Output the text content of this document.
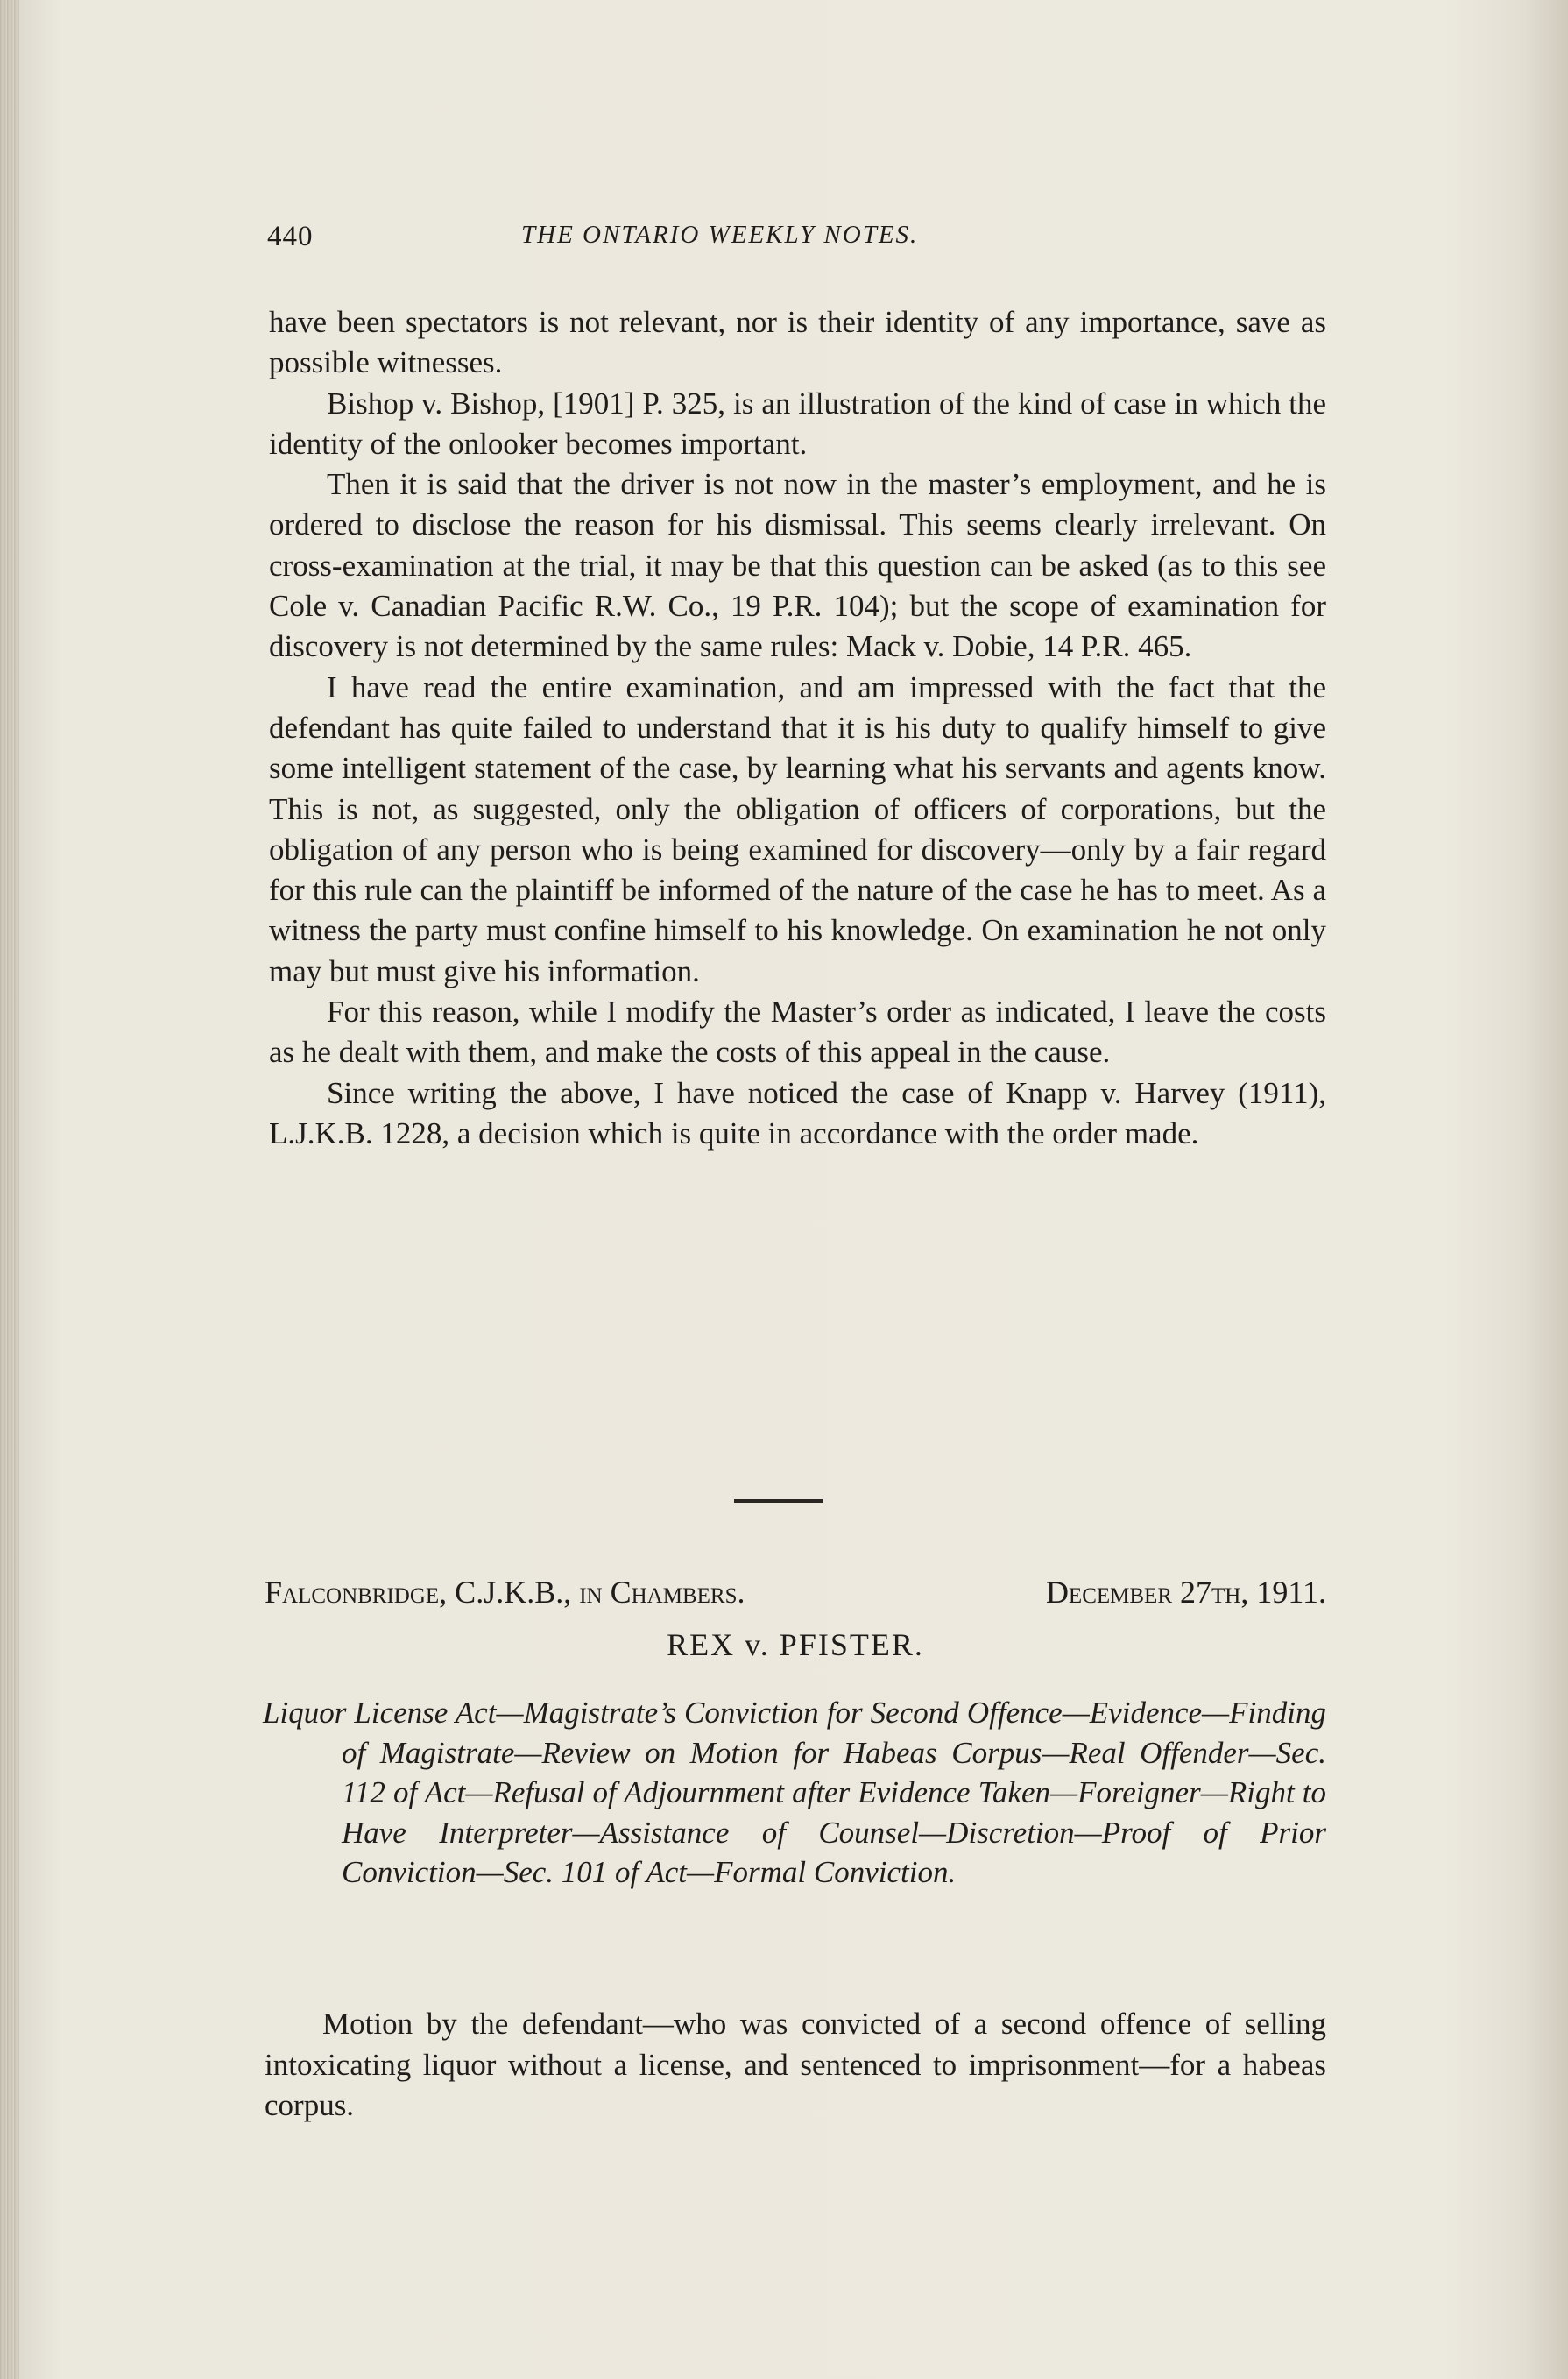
440	THE ONTARIO WEEKLY NOTES.

have been spectators is not relevant, nor is their identity of any importance, save as possible witnesses.

Bishop v. Bishop, [1901] P. 325, is an illustration of the kind of case in which the identity of the onlooker becomes important.

Then it is said that the driver is not now in the master’s employment, and he is ordered to disclose the reason for his dismissal. This seems clearly irrelevant. On cross-examination at the trial, it may be that this question can be asked (as to this see Cole v. Canadian Pacific R.W. Co., 19 P.R. 104); but the scope of examination for discovery is not determined by the same rules: Mack v. Dobie, 14 P.R. 465.

I have read the entire examination, and am impressed with the fact that the defendant has quite failed to understand that it is his duty to qualify himself to give some intelligent statement of the case, by learning what his servants and agents know. This is not, as suggested, only the obligation of officers of corporations, but the obligation of any person who is being examined for discovery—only by a fair regard for this rule can the plaintiff be informed of the nature of the case he has to meet. As a witness the party must confine himself to his knowledge. On examination he not only may but must give his information.

For this reason, while I modify the Master’s order as indicated, I leave the costs as he dealt with them, and make the costs of this appeal in the cause.

Since writing the above, I have noticed the case of Knapp v. Harvey (1911), L.J.K.B. 1228, a decision which is quite in accordance with the order made.

Falconbridge, C.J.K.B., in Chambers.	December 27th, 1911.
REX v. PFISTER.
Liquor License Act—Magistrate’s Conviction for Second Offence—Evidence—Finding of Magistrate—Review on Motion for Habeas Corpus—Real Offender—Sec. 112 of Act—Refusal of Adjournment after Evidence Taken—Foreigner—Right to Have Interpreter—Assistance of Counsel—Discretion—Proof of Prior Conviction—Sec. 101 of Act—Formal Conviction.
Motion by the defendant—who was convicted of a second offence of selling intoxicating liquor without a license, and sentenced to imprisonment—for a habeas corpus.
